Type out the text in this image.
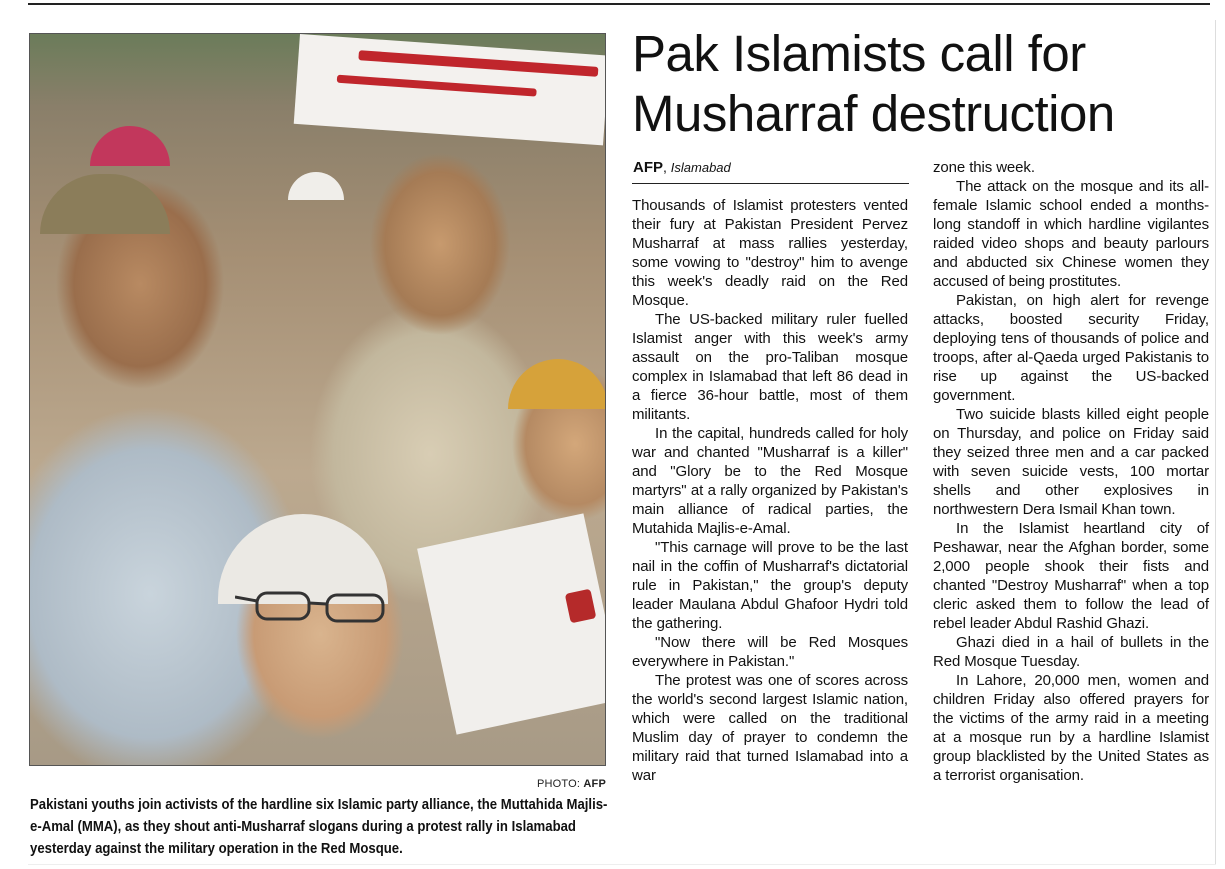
PHOTO: AFP
Pakistani youths join activists of the hardline six Islamic party alliance, the Muttahida Majlis-e-Amal (MMA), as they shout anti-Musharraf slogans during a protest rally in Islamabad yesterday against the military operation in the Red Mosque.
Pak Islamists call for Musharraf destruction
AFP, Islamabad

Thousands of Islamist protesters vented their fury at Pakistan President Pervez Musharraf at mass rallies yesterday, some vowing to "destroy" him to avenge this week's deadly raid on the Red Mosque.

The US-backed military ruler fuelled Islamist anger with this week's army assault on the pro-Taliban mosque complex in Islamabad that left 86 dead in a fierce 36-hour battle, most of them militants.

In the capital, hundreds called for holy war and chanted "Musharraf is a killer" and "Glory be to the Red Mosque martyrs" at a rally organized by Pakistan's main alliance of radical parties, the Mutahida Majlis-e-Amal.

"This carnage will prove to be the last nail in the coffin of Musharraf's dictatorial rule in Pakistan," the group's deputy leader Maulana Abdul Ghafoor Hydri told the gathering.

"Now there will be Red Mosques everywhere in Pakistan."

The protest was one of scores across the world's second largest Islamic nation, which were called on the traditional Muslim day of prayer to condemn the military raid that turned Islamabad into a war

zone this week.

The attack on the mosque and its all-female Islamic school ended a months-long standoff in which hardline vigilantes raided video shops and beauty parlours and abducted six Chinese women they accused of being prostitutes.

Pakistan, on high alert for revenge attacks, boosted security Friday, deploying tens of thousands of police and troops, after al-Qaeda urged Pakistanis to rise up against the US-backed government.

Two suicide blasts killed eight people on Thursday, and police on Friday said they seized three men and a car packed with seven suicide vests, 100 mortar shells and other explosives in northwestern Dera Ismail Khan town.

In the Islamist heartland city of Peshawar, near the Afghan border, some 2,000 people shook their fists and chanted "Destroy Musharraf" when a top cleric asked them to follow the lead of rebel leader Abdul Rashid Ghazi.

Ghazi died in a hail of bullets in the Red Mosque Tuesday.

In Lahore, 20,000 men, women and children Friday also offered prayers for the victims of the army raid in a meeting at a mosque run by a hardline Islamist group blacklisted by the United States as a terrorist organisation.
